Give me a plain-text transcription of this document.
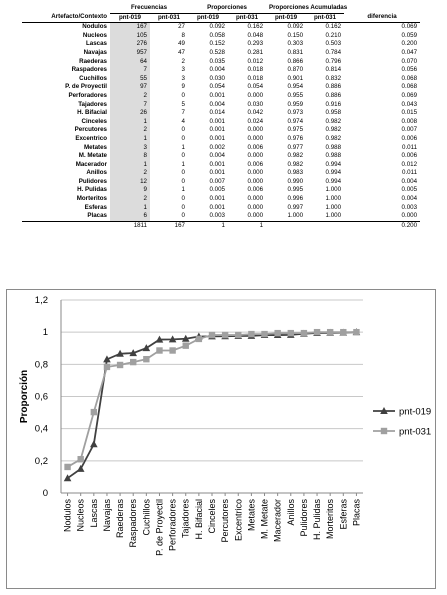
	Frecuencias		Proporciones		Proporciones Acumuladas		
Artefacto/Contexto	pnt-019	pnt-031	pnt-019	pnt-031	pnt-019	pnt-031	diferencia
Nodulos	167	27	0.092	0.162	0.092	0.162	0.069
Nucleos	105	8	0.058	0.048	0.150	0.210	0.059
Lascas	276	49	0.152	0.293	0.303	0.503	0.200
Navajas	957	47	0.528	0.281	0.831	0.784	0.047
Raederas	64	2	0.035	0.012	0.866	0.796	0.070
Raspadores	7	3	0.004	0.018	0.870	0.814	0.056
Cuchillos	55	3	0.030	0.018	0.901	0.832	0.068
P. de Proyectil	97	9	0.054	0.054	0.954	0.886	0.068
Perforadores	2	0	0.001	0.000	0.955	0.886	0.069
Tajadores	7	5	0.004	0.030	0.959	0.916	0.043
H. Bifacial	26	7	0.014	0.042	0.973	0.958	0.015
Cinceles	1	4	0.001	0.024	0.974	0.982	0.008
Percutores	2	0	0.001	0.000	0.975	0.982	0.007
Excentrico	1	0	0.001	0.000	0.976	0.982	0.006
Metates	3	1	0.002	0.006	0.977	0.988	0.011
M. Metate	8	0	0.004	0.000	0.982	0.988	0.006
Macerador	1	1	0.001	0.006	0.982	0.994	0.012
Anillos	2	0	0.001	0.000	0.983	0.994	0.011
Pulidores	12	0	0.007	0.000	0.990	0.994	0.004
H. Pulidas	9	1	0.005	0.006	0.995	1.000	0.005
Morteritos	2	0	0.001	0.000	0.996	1.000	0.004
Esferas	1	0	0.001	0.000	0.997	1.000	0.003
Placas	6	0	0.003	0.000	1.000	1.000	0.000
	1811	167	1	1			0.200
0
0,2
0,4
0,6
0,8
1
1,2
Proporción
Nodulos Nucleos Lascas Navajas Raederas Raspadores Cuchillos P. de Proyectil Perforadores Tajadores H. Bifacial Cinceles Percutores Excentrico Metates M. Metate Macerador Anillos Pulidores H. Pulidas Morteritos Esferas Placas
pnt-019
pnt-031
